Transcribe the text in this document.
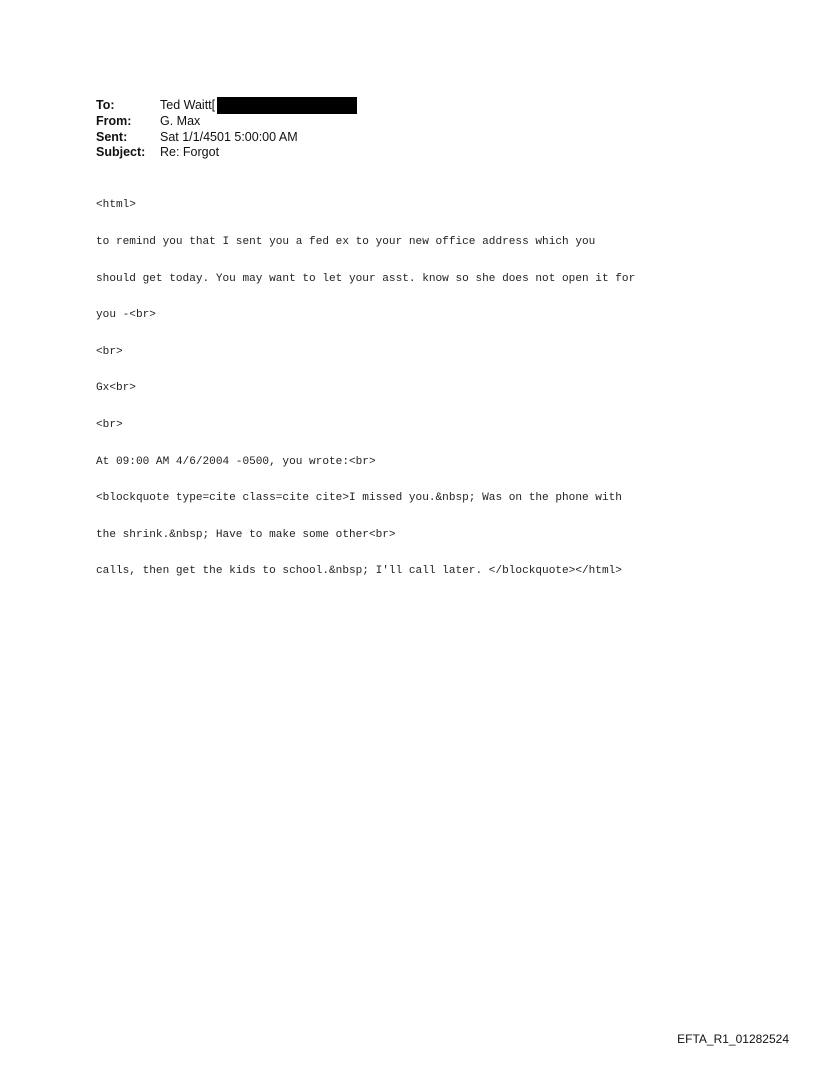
To:	Ted Waitt[
From:	G. Max
Sent:	Sat 1/1/4501 5:00:00 AM
Subject:	Re: Forgot

<html>

to remind you that I sent you a fed ex to your new office address which you

should get today. You may want to let your asst. know so she does not open it for

you -<br>

<br>

Gx<br>

<br>

At 09:00 AM 4/6/2004 -0500, you wrote:<br>

<blockquote type=cite class=cite cite>I missed you.&nbsp; Was on the phone with

the shrink.&nbsp; Have to make some other<br>

calls, then get the kids to school.&nbsp; I'll call later. </blockquote></html>

EFTA_R1_01282524
